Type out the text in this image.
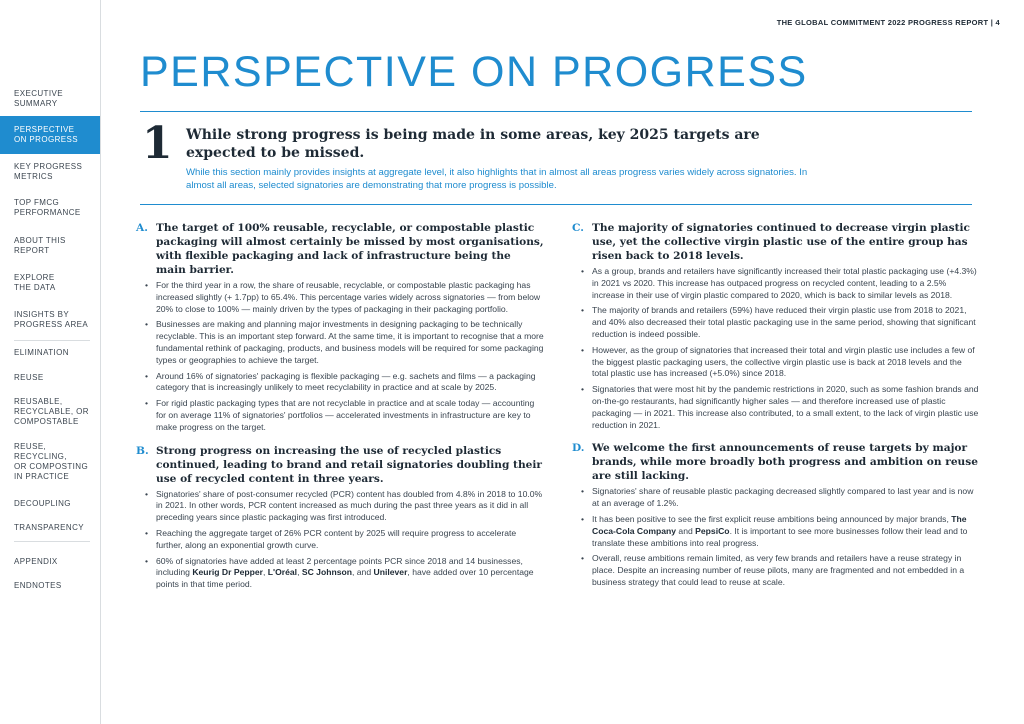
EXECUTIVE
SUMMARY
PERSPECTIVE
ON PROGRESS
KEY PROGRESS
METRICS
TOP FMCG
PERFORMANCE
ABOUT THIS
REPORT
EXPLORE
THE DATA
INSIGHTS BY
PROGRESS AREA
ELIMINATION
REUSE
REUSABLE,
RECYCLABLE, OR
COMPOSTABLE
REUSE,
RECYCLING,
OR COMPOSTING
IN PRACTICE
DECOUPLING
TRANSPARENCY
APPENDIX
ENDNOTES
THE GLOBAL COMMITMENT 2022 PROGRESS REPORT | 4
PERSPECTIVE ON PROGRESS
1 While strong progress is being made in some areas, key 2025 targets are expected to be missed.
While this section mainly provides insights at aggregate level, it also highlights that in almost all areas progress varies widely across signatories. In almost all areas, selected signatories are demonstrating that more progress is possible.
A. The target of 100% reusable, recyclable, or compostable plastic packaging will almost certainly be missed by most organisations, with flexible packaging and lack of infrastructure being the main barrier.
• For the third year in a row, the share of reusable, recyclable, or compostable plastic packaging has increased slightly (+ 1.7pp) to 65.4%. This percentage varies widely across signatories — from below 20% to close to 100% — mainly driven by the types of packaging in their packaging portfolio.
• Businesses are making and planning major investments in designing packaging to be technically recyclable. This is an important step forward. At the same time, it is important to recognise that a more fundamental rethink of packaging, products, and business models will be required for some packaging types or geographies to achieve the target.
• Around 16% of signatories' packaging is flexible packaging — e.g. sachets and films — a packaging category that is increasingly unlikely to meet recyclability in practice and at scale by 2025.
• For rigid plastic packaging types that are not recyclable in practice and at scale today — accounting for on average 11% of signatories' portfolios — accelerated investments in infrastructure are key to make progress on the target.
B. Strong progress on increasing the use of recycled plastics continued, leading to brand and retail signatories doubling their use of recycled content in three years.
• Signatories' share of post-consumer recycled (PCR) content has doubled from 4.8% in 2018 to 10.0% in 2021. In other words, PCR content increased as much during the past three years as it did in all preceding years since plastic packaging was first introduced.
• Reaching the aggregate target of 26% PCR content by 2025 will require progress to accelerate further, along an exponential growth curve.
• 60% of signatories have added at least 2 percentage points PCR since 2018 and 14 businesses, including Keurig Dr Pepper, L'Oréal, SC Johnson, and Unilever, have added over 10 percentage points in that time period.
C. The majority of signatories continued to decrease virgin plastic use, yet the collective virgin plastic use of the entire group has risen back to 2018 levels.
• As a group, brands and retailers have significantly increased their total plastic packaging use (+4.3%) in 2021 vs 2020. This increase has outpaced progress on recycled content, leading to a 2.5% increase in their use of virgin plastic compared to 2020, which is back to similar levels as 2018.
• The majority of brands and retailers (59%) have reduced their virgin plastic use from 2018 to 2021, and 40% also decreased their total plastic packaging use in the same period, showing that significant reduction is indeed possible.
• However, as the group of signatories that increased their total and virgin plastic use includes a few of the biggest plastic packaging users, the collective virgin plastic use is back at 2018 levels and the total plastic use has increased (+5.0%) since 2018.
• Signatories that were most hit by the pandemic restrictions in 2020, such as some fashion brands and on-the-go restaurants, had significantly higher sales — and therefore increased use of plastic packaging — in 2021. This increase also contributed, to a small extent, to the lack of virgin plastic use reduction in 2021.
D. We welcome the first announcements of reuse targets by major brands, while more broadly both progress and ambition on reuse are still lacking.
• Signatories' share of reusable plastic packaging decreased slightly compared to last year and is now at an average of 1.2%.
• It has been positive to see the first explicit reuse ambitions being announced by major brands, The Coca-Cola Company and PepsiCo. It is important to see more businesses follow their lead and to translate these ambitions into real progress.
• Overall, reuse ambitions remain limited, as very few brands and retailers have a reuse strategy in place. Despite an increasing number of reuse pilots, many are fragmented and not embedded in a business strategy that could lead to reuse at scale.
